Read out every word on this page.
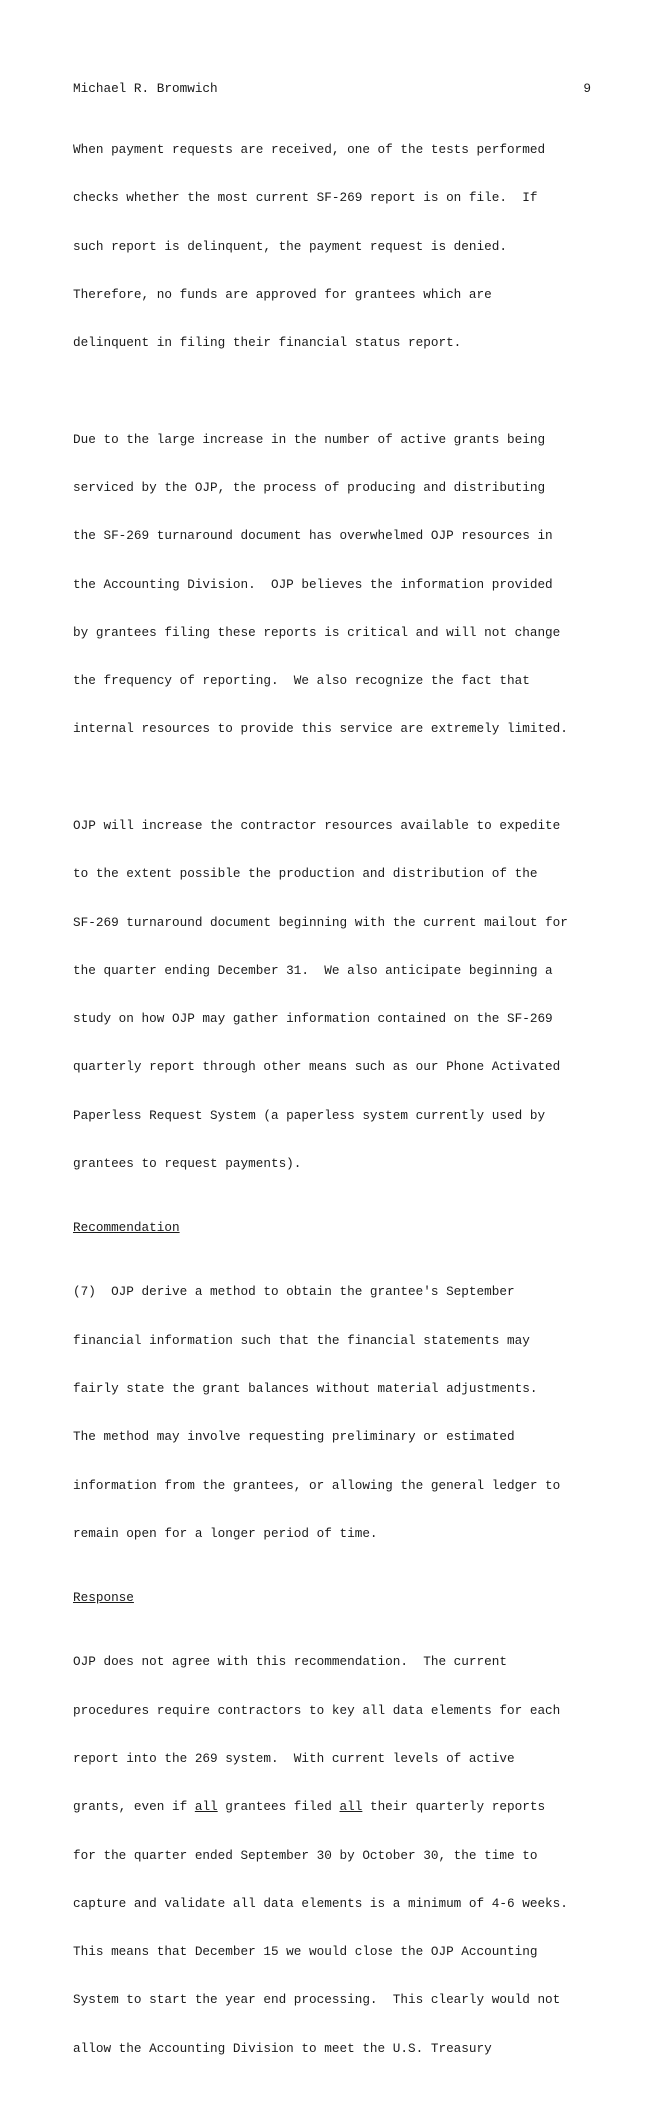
Michael R. Bromwich	9

When payment requests are received, one of the tests performed

checks whether the most current SF-269 report is on file.  If

such report is delinquent, the payment request is denied.

Therefore, no funds are approved for grantees which are

delinquent in filing their financial status report.

Due to the large increase in the number of active grants being

serviced by the OJP, the process of producing and distributing

the SF-269 turnaround document has overwhelmed OJP resources in

the Accounting Division.  OJP believes the information provided

by grantees filing these reports is critical and will not change

the frequency of reporting.  We also recognize the fact that

internal resources to provide this service are extremely limited.

OJP will increase the contractor resources available to expedite

to the extent possible the production and distribution of the

SF-269 turnaround document beginning with the current mailout for

the quarter ending December 31.  We also anticipate beginning a

study on how OJP may gather information contained on the SF-269

quarterly report through other means such as our Phone Activated

Paperless Request System (a paperless system currently used by

grantees to request payments).

Recommendation

(7)  OJP derive a method to obtain the grantee's September

financial information such that the financial statements may

fairly state the grant balances without material adjustments.

The method may involve requesting preliminary or estimated

information from the grantees, or allowing the general ledger to

remain open for a longer period of time.

Response

OJP does not agree with this recommendation.  The current

procedures require contractors to key all data elements for each

report into the 269 system.  With current levels of active

grants, even if all grantees filed all their quarterly reports

for the quarter ended September 30 by October 30, the time to

capture and validate all data elements is a minimum of 4-6 weeks.

This means that December 15 we would close the OJP Accounting

System to start the year end processing.  This clearly would not

allow the Accounting Division to meet the U.S. Treasury
